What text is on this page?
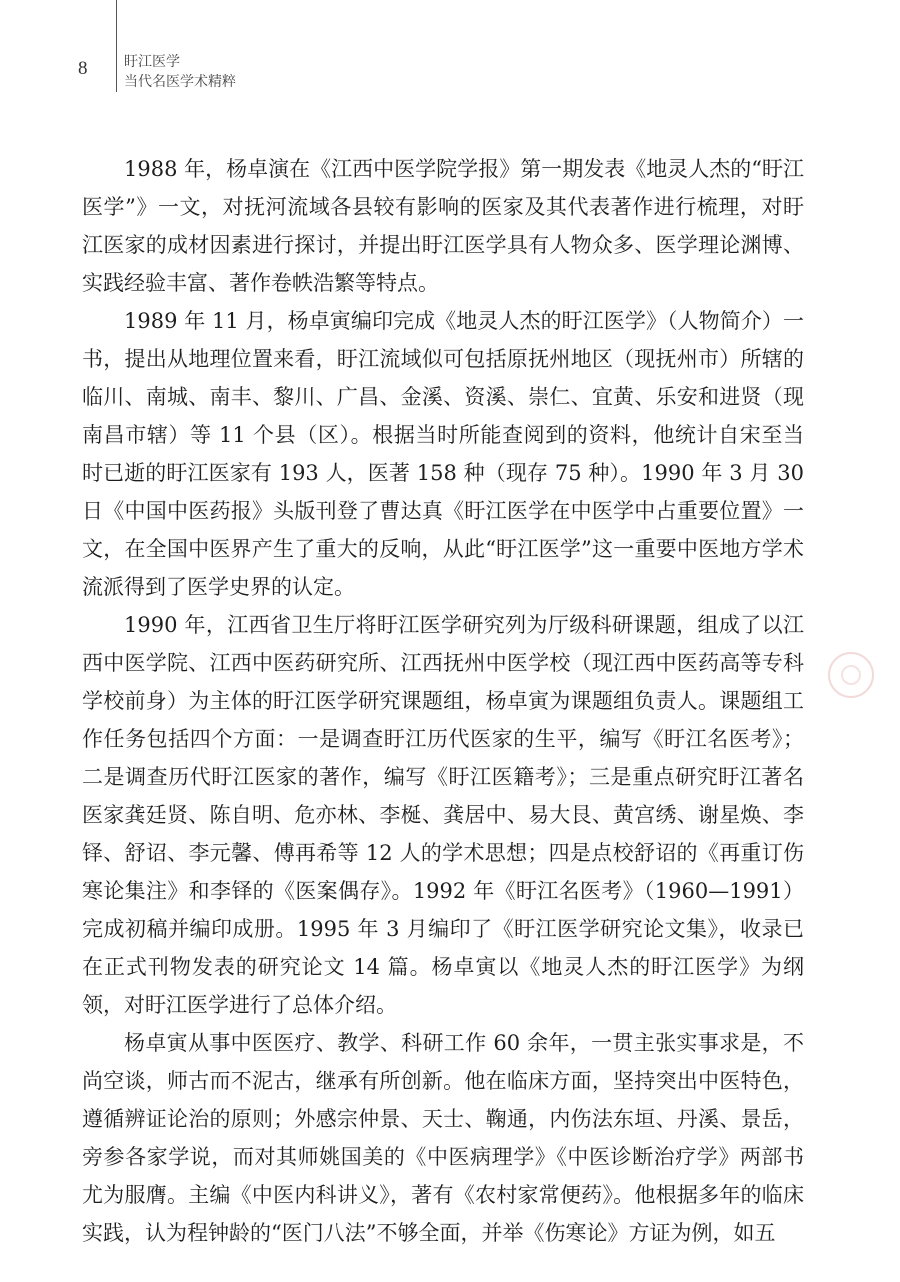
8	盱江医学
当代名医学术精粹

1988 年，杨卓演在《江西中医学院学报》第一期发表《地灵人杰的“盱江医学”》一文，对抚河流域各县较有影响的医家及其代表著作进行梳理，对盱江医家的成材因素进行探讨，并提出盱江医学具有人物众多、医学理论渊博、实践经验丰富、著作卷帙浩繁等特点。

1989 年 11 月，杨卓寅编印完成《地灵人杰的盱江医学》（人物简介）一书，提出从地理位置来看，盱江流域似可包括原抚州地区（现抚州市）所辖的临川、南城、南丰、黎川、广昌、金溪、资溪、崇仁、宜黄、乐安和进贤（现南昌市辖）等 11 个县（区）。根据当时所能查阅到的资料，他统计自宋至当时已逝的盱江医家有 193 人，医著 158 种（现存 75 种）。1990 年 3 月 30 日《中国中医药报》头版刊登了曹达真《盱江医学在中医学中占重要位置》一文，在全国中医界产生了重大的反响，从此“盱江医学”这一重要中医地方学术流派得到了医学史界的认定。

1990 年，江西省卫生厅将盱江医学研究列为厅级科研课题，组成了以江西中医学院、江西中医药研究所、江西抚州中医学校（现江西中医药高等专科学校前身）为主体的盱江医学研究课题组，杨卓寅为课题组负责人。课题组工作任务包括四个方面：一是调查盱江历代医家的生平，编写《盱江名医考》；二是调查历代盱江医家的著作，编写《盱江医籍考》；三是重点研究盱江著名医家龚廷贤、陈自明、危亦林、李梴、龚居中、易大艮、黄宫绣、谢星焕、李铎、舒诏、李元馨、傅再希等 12 人的学术思想；四是点校舒诏的《再重订伤寒论集注》和李铎的《医案偶存》。1992 年《盱江名医考》（1960—1991）完成初稿并编印成册。1995 年 3 月编印了《盱江医学研究论文集》，收录已在正式刊物发表的研究论文 14 篇。杨卓寅以《地灵人杰的盱江医学》为纲领，对盱江医学进行了总体介绍。

杨卓寅从事中医医疗、教学、科研工作 60 余年，一贯主张实事求是，不尚空谈，师古而不泥古，继承有所创新。他在临床方面，坚持突出中医特色，遵循辨证论治的原则；外感宗仲景、天士、鞠通，内伤法东垣、丹溪、景岳，旁参各家学说，而对其师姚国美的《中医病理学》《中医诊断治疗学》两部书尤为服膺。主编《中医内科讲义》，著有《农村家常便药》。他根据多年的临床实践，认为程钟龄的“医门八法”不够全面，并举《伤寒论》方证为例，如五
